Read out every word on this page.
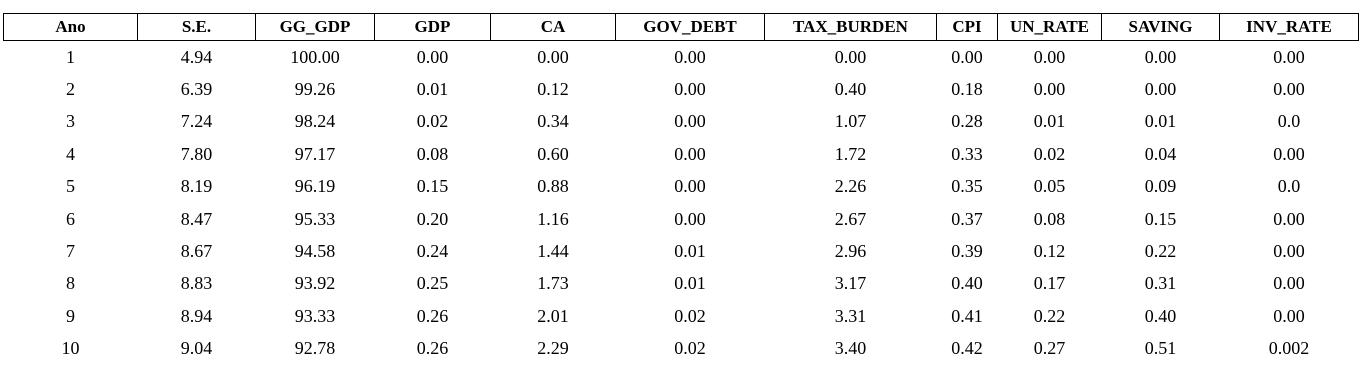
Ano	S.E.	GG_GDP	GDP	CA	GOV_DEBT	TAX_BURDEN	CPI	UN_RATE	SAVING	INV_RATE
1	4.94	100.00	0.00	0.00	0.00	0.00	0.00	0.00	0.00	0.00
2	6.39	99.26	0.01	0.12	0.00	0.40	0.18	0.00	0.00	0.00
3	7.24	98.24	0.02	0.34	0.00	1.07	0.28	0.01	0.01	0.0
4	7.80	97.17	0.08	0.60	0.00	1.72	0.33	0.02	0.04	0.00
5	8.19	96.19	0.15	0.88	0.00	2.26	0.35	0.05	0.09	0.0
6	8.47	95.33	0.20	1.16	0.00	2.67	0.37	0.08	0.15	0.00
7	8.67	94.58	0.24	1.44	0.01	2.96	0.39	0.12	0.22	0.00
8	8.83	93.92	0.25	1.73	0.01	3.17	0.40	0.17	0.31	0.00
9	8.94	93.33	0.26	2.01	0.02	3.31	0.41	0.22	0.40	0.00
10	9.04	92.78	0.26	2.29	0.02	3.40	0.42	0.27	0.51	0.002
